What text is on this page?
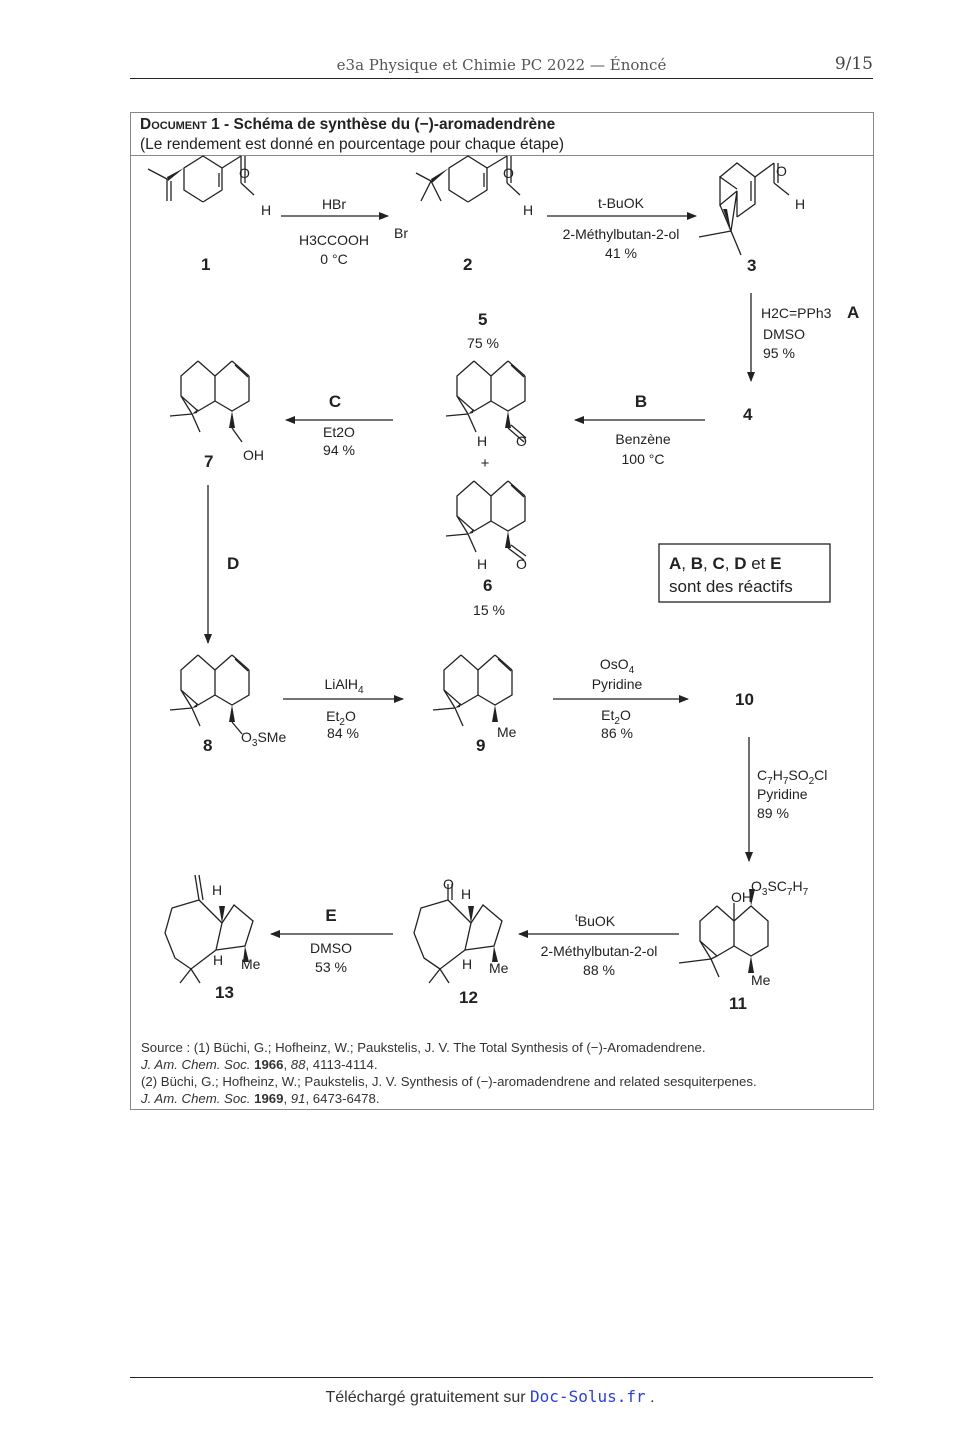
e3a Physique et Chimie PC 2022 — Énoncé	9/15
Document 1 - Schéma de synthèse du (−)-aromadendrène
(Le rendement est donné en pourcentage pour chaque étape)
O
H
1
HBr
H3CCOOH
0 °C
O
H
Br
2
t-BuOK
2-Méthylbutan-2-ol
41 %
O
H
3
H2C=PPh3 A
DMSO
95 %
4
B
Benzène
100 °C
5
75 %
H O
+
H O
6
15 %
C
Et2O
94 %
OH
7
D	A, B, C, D et E
sont des réactifs
$O_3SMe$
8
LiAlH$_4$
$Et_2O$
84 %	Me
9
OsO$_4$
Pyridine
$Et_2O$
86 %
10
$C_7H_7SO_2Cl$
Pyridine
89 %
OH
$O_3SC_7H_7$
Me
11
$^t$BuOK
2-Méthylbutan-2-ol
88 %
O
H
H Me
12
E
DMSO
53 %
H
H Me
13
Source : (1) Büchi, G.; Hofheinz, W.; Paukstelis, J. V. The Total Synthesis of (−)-Aromadendrene.
J. Am. Chem. Soc. 1966, 88, 4113-4114.
(2) Büchi, G.; Hofheinz, W.; Paukstelis, J. V. Synthesis of (−)-aromadendrene and related sesquiterpenes.
J. Am. Chem. Soc. 1969, 91, 6473-6478.
Téléchargé gratuitement sur Doc-Solus.fr .
